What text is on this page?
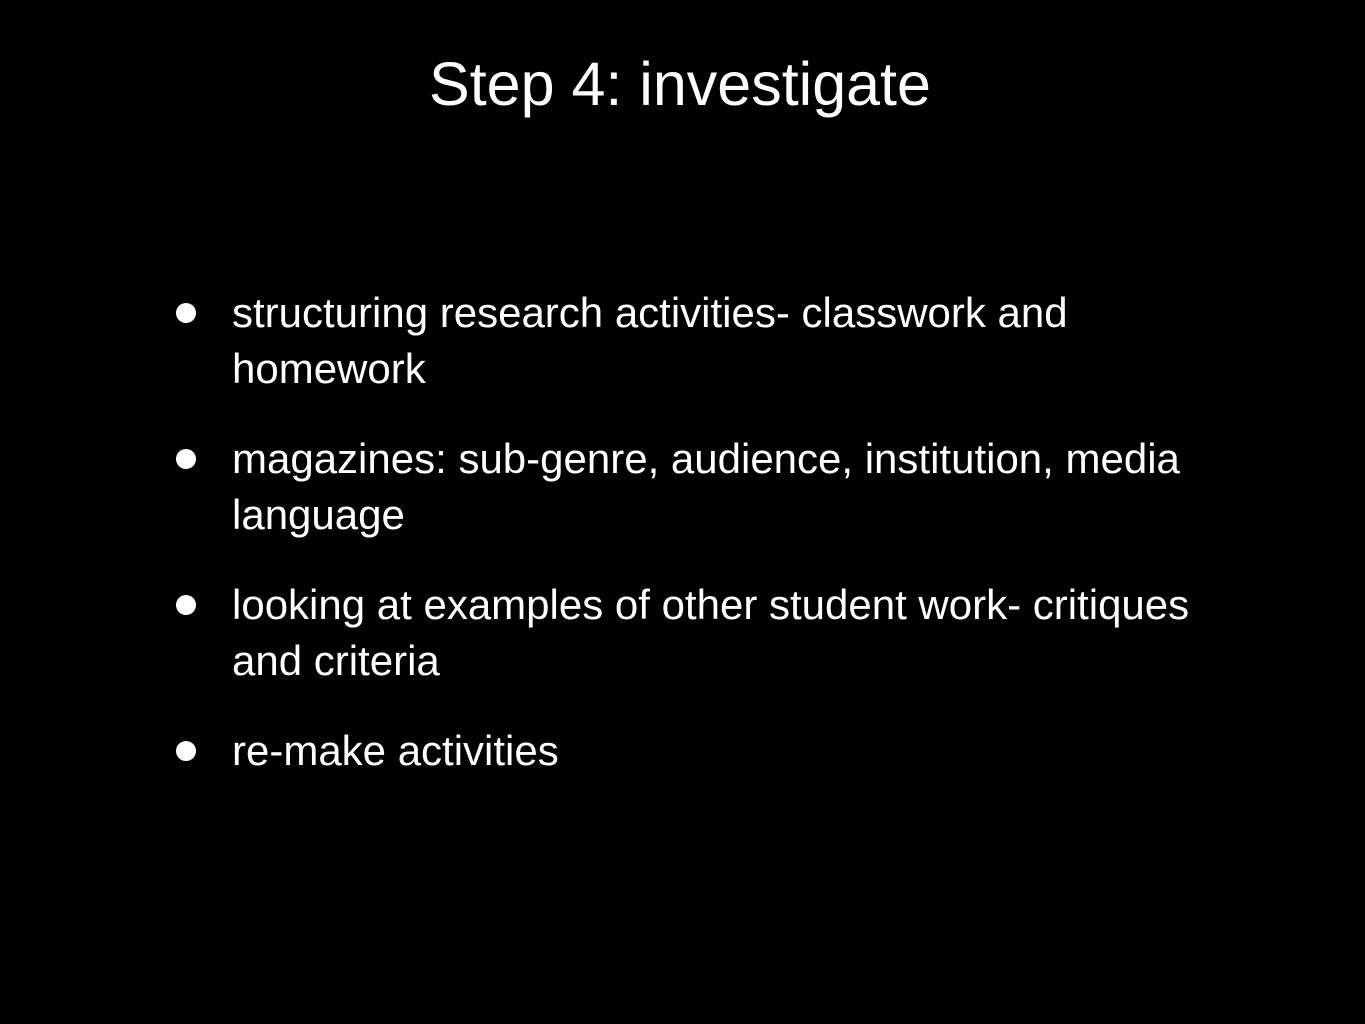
Step 4: investigate
structuring research activities- classwork and homework
magazines: sub-genre, audience, institution, media language
looking at examples of other student work- critiques and criteria
re-make activities
